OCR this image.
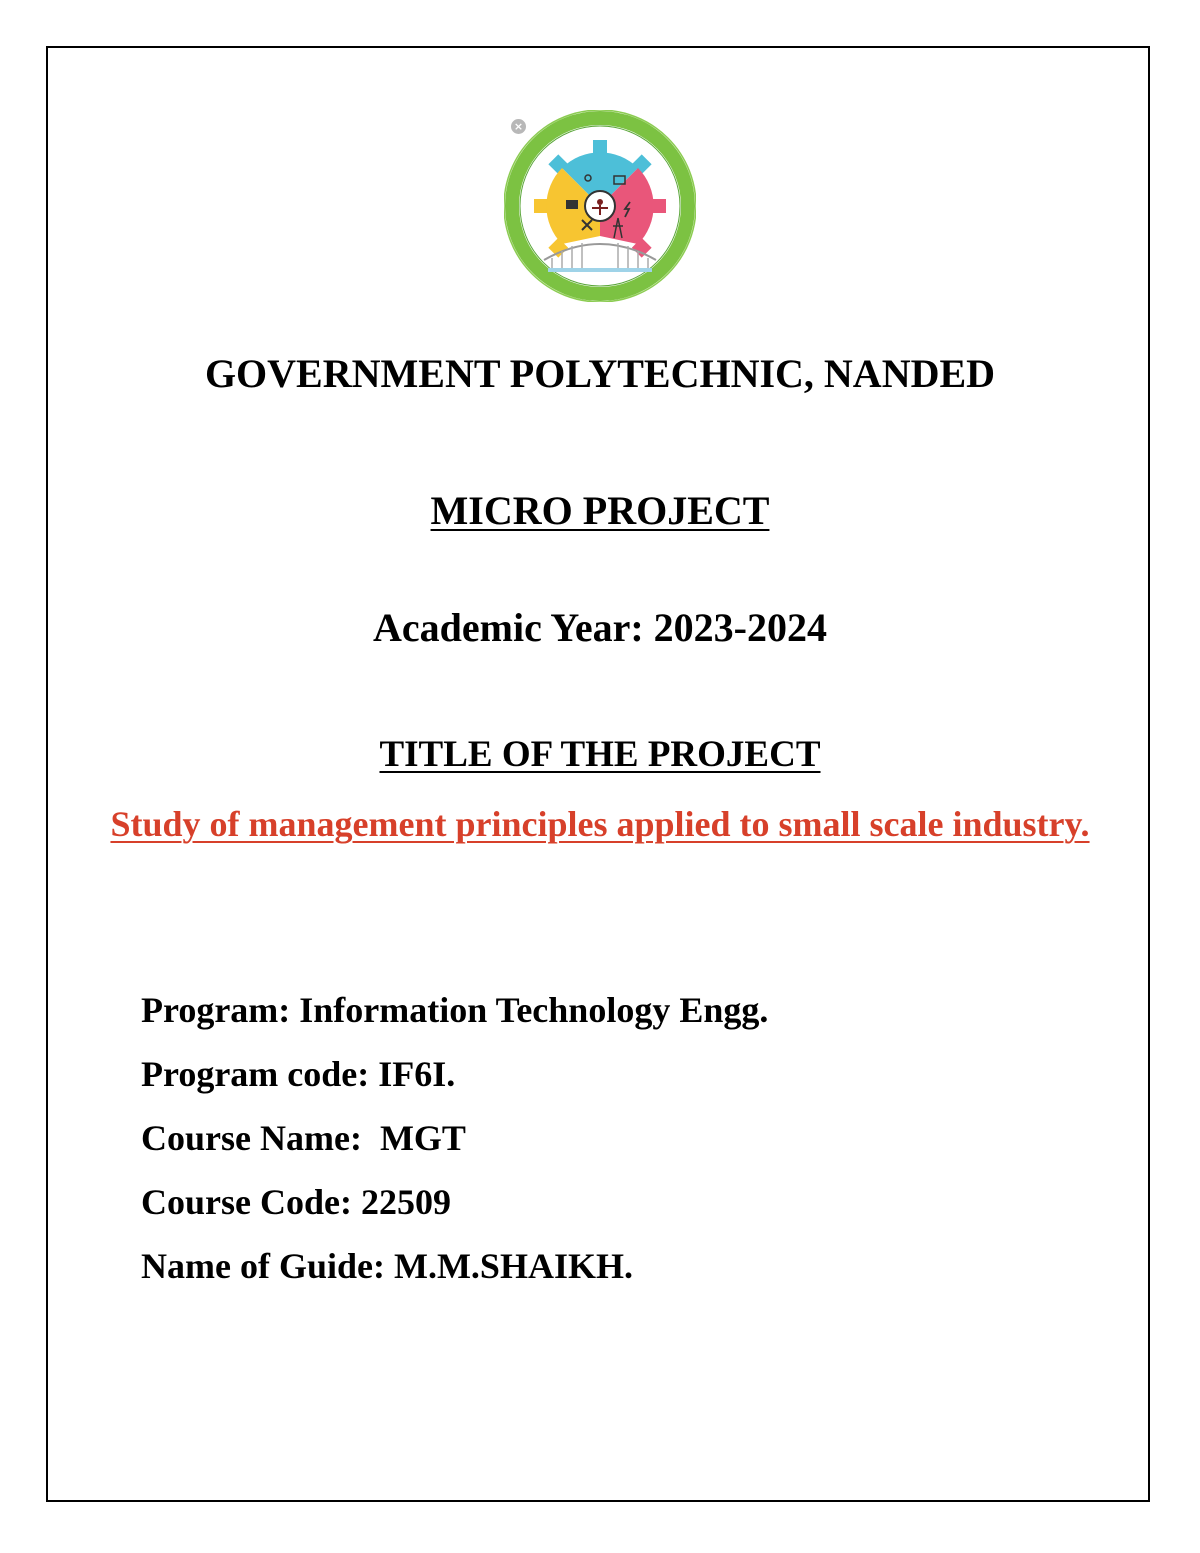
×
GOVERNMENT POLYTECHNIC, NANDED
MICRO PROJECT
Academic Year: 2023-2024
TITLE OF THE PROJECT
Study of management principles applied to small scale industry.
Program: Information Technology Engg.
Program code: IF6I.
Course Name:  MGT
Course Code: 22509
Name of Guide: M.M.SHAIKH.
